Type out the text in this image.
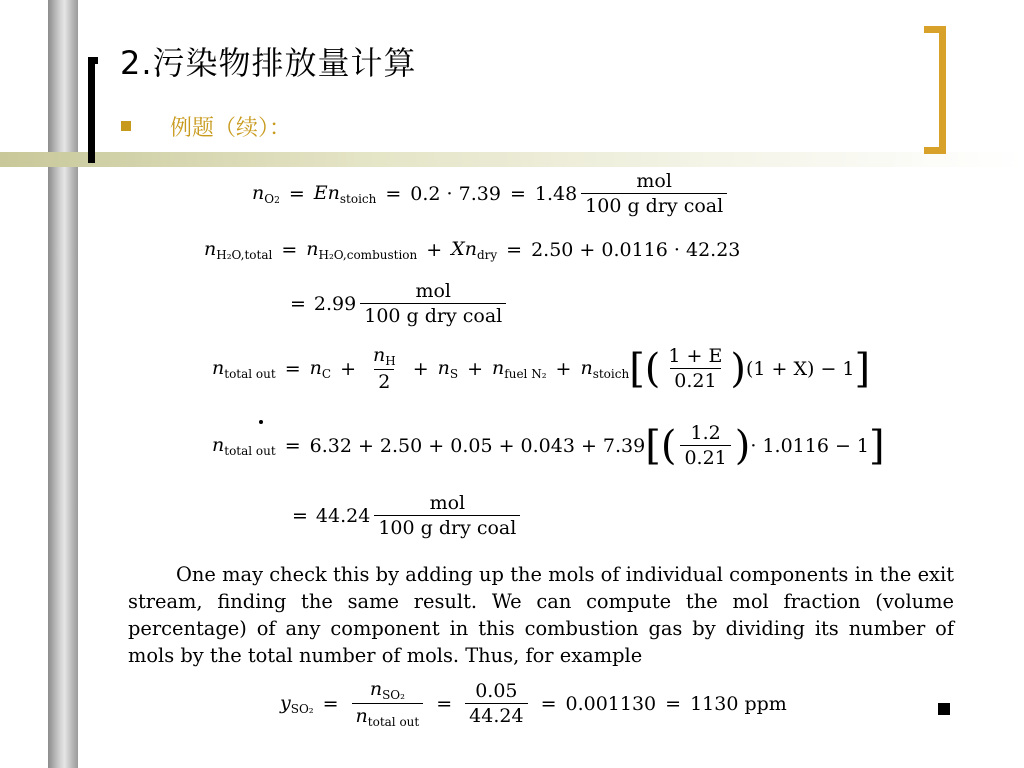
2.污染物排放量计算
例题（续）：
$n_{O2} = En_{stoich} = 0.2 \cdot 7.39 = 1.48 \frac{\text{mol}}{\text{100 g dry coal}}$
$n_{H_2O,total} = n_{H_2O,combustion} + Xn_{dry} = 2.50 + 0.0116 \cdot 42.23$
= $2.99 \frac{\text{mol}}{\text{100 g dry coal}}$
$n_{total out} = n_C + \frac{n_H}{2} + n_S + n_{fuel N_2} + n_{stoich}$ [( $\frac{1 + E}{0.21}$ ) (1 + X) − 1 ]
$n_{total out} = 6.32 + 2.50 + 0.05 + 0.043 + 7.39$ [( $\frac{1.2}{0.21}$ ) · 1.0116 − 1 ]
= $44.24 \frac{\text{mol}}{\text{100 g dry coal}}$

One may check this by adding up the mols of individual components in the exit stream, finding the same result. We can compute the mol fraction (volume percentage) of any component in this combustion gas by dividing its number of mols by the total number of mols. Thus, for example

$y_{SO_2} = \frac{n_{SO_2}}{n_{total out}} = \frac{0.05}{44.24} = 0.001130 = 1130$ ppm
